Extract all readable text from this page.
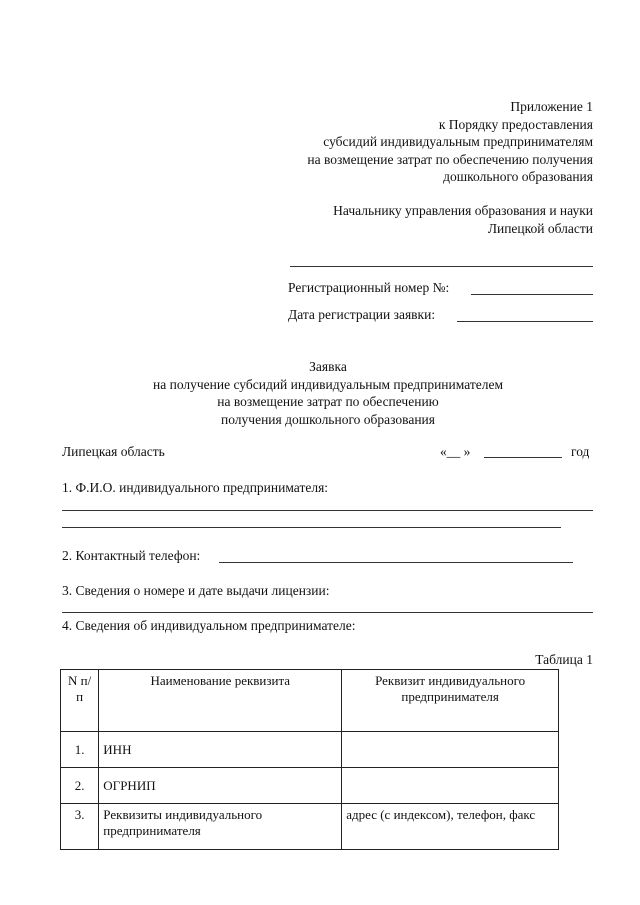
Приложение 1
к Порядку предоставления
субсидий индивидуальным предпринимателям
на возмещение затрат по обеспечению получения
дошкольного образования
Начальнику управления образования и науки
Липецкой области
Регистрационный номер №:
Дата регистрации заявки:
Заявка
на получение субсидий индивидуальным предпринимателем
на возмещение затрат по обеспечению
получения дошкольного образования
Липецкая область	«__ »	год
1. Ф.И.О. индивидуального предпринимателя:
2. Контактный телефон:
3. Сведения о номере и дате выдачи лицензии:
4. Сведения об индивидуальном предпринимателе:
Таблица 1
N п/п	Наименование реквизита	Реквизит индивидуального предпринимателя
1.	ИНН	
2.	ОГРНИП	
3.	Реквизиты индивидуального предпринимателя	адрес (с индексом), телефон, факс
